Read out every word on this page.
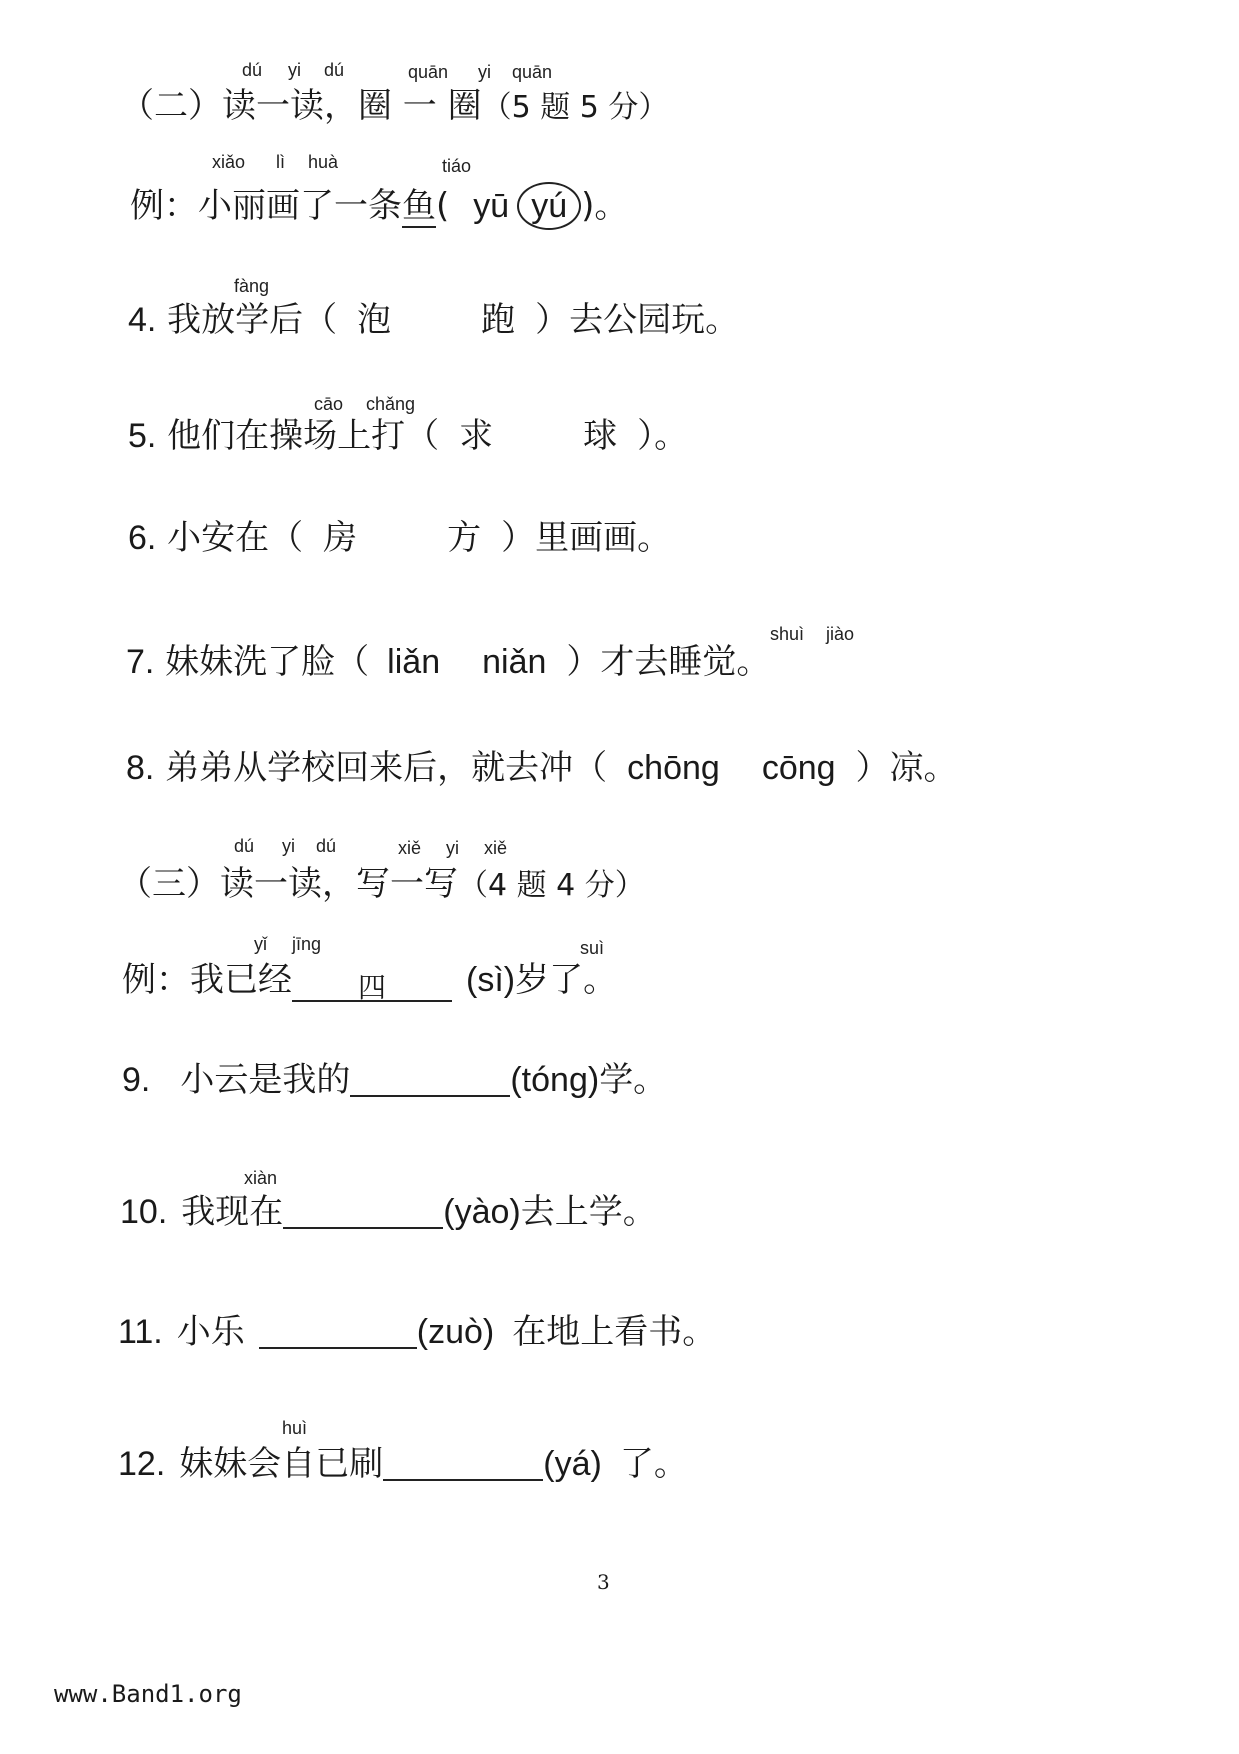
dú yi dú	quān yi quān
（二）读一读，圈 一 圈（5 题 5 分）
xiǎo lì huà	tiáo
例：小丽画了一条鱼( yū yú )。
fàng
4. 我放学后（ 泡	跑 ）去公园玩。
cāo chǎng
5. 他们在操场上打（ 求	球 ）。
6. 小安在（ 房	方 ）里画画。
shuì jiào
7. 妹妹洗了脸（ liǎn niǎn ）才去睡觉。
8. 弟弟从学校回来后，就去冲（ chōng cōng ）凉。
dú yi dú	xiě yi xiě
（三）读一读，写一写（4 题 4 分）
yǐ jīng	suì
例：我已经 四 (sì)岁了。
9. 小云是我的	(tóng)学。
xiàn
10. 我现在	(yào)去上学。
11. 小乐	(zuò) 在地上看书。
huì
12. 妹妹会自已刷	(yá) 了。
3
www.Band1.org
